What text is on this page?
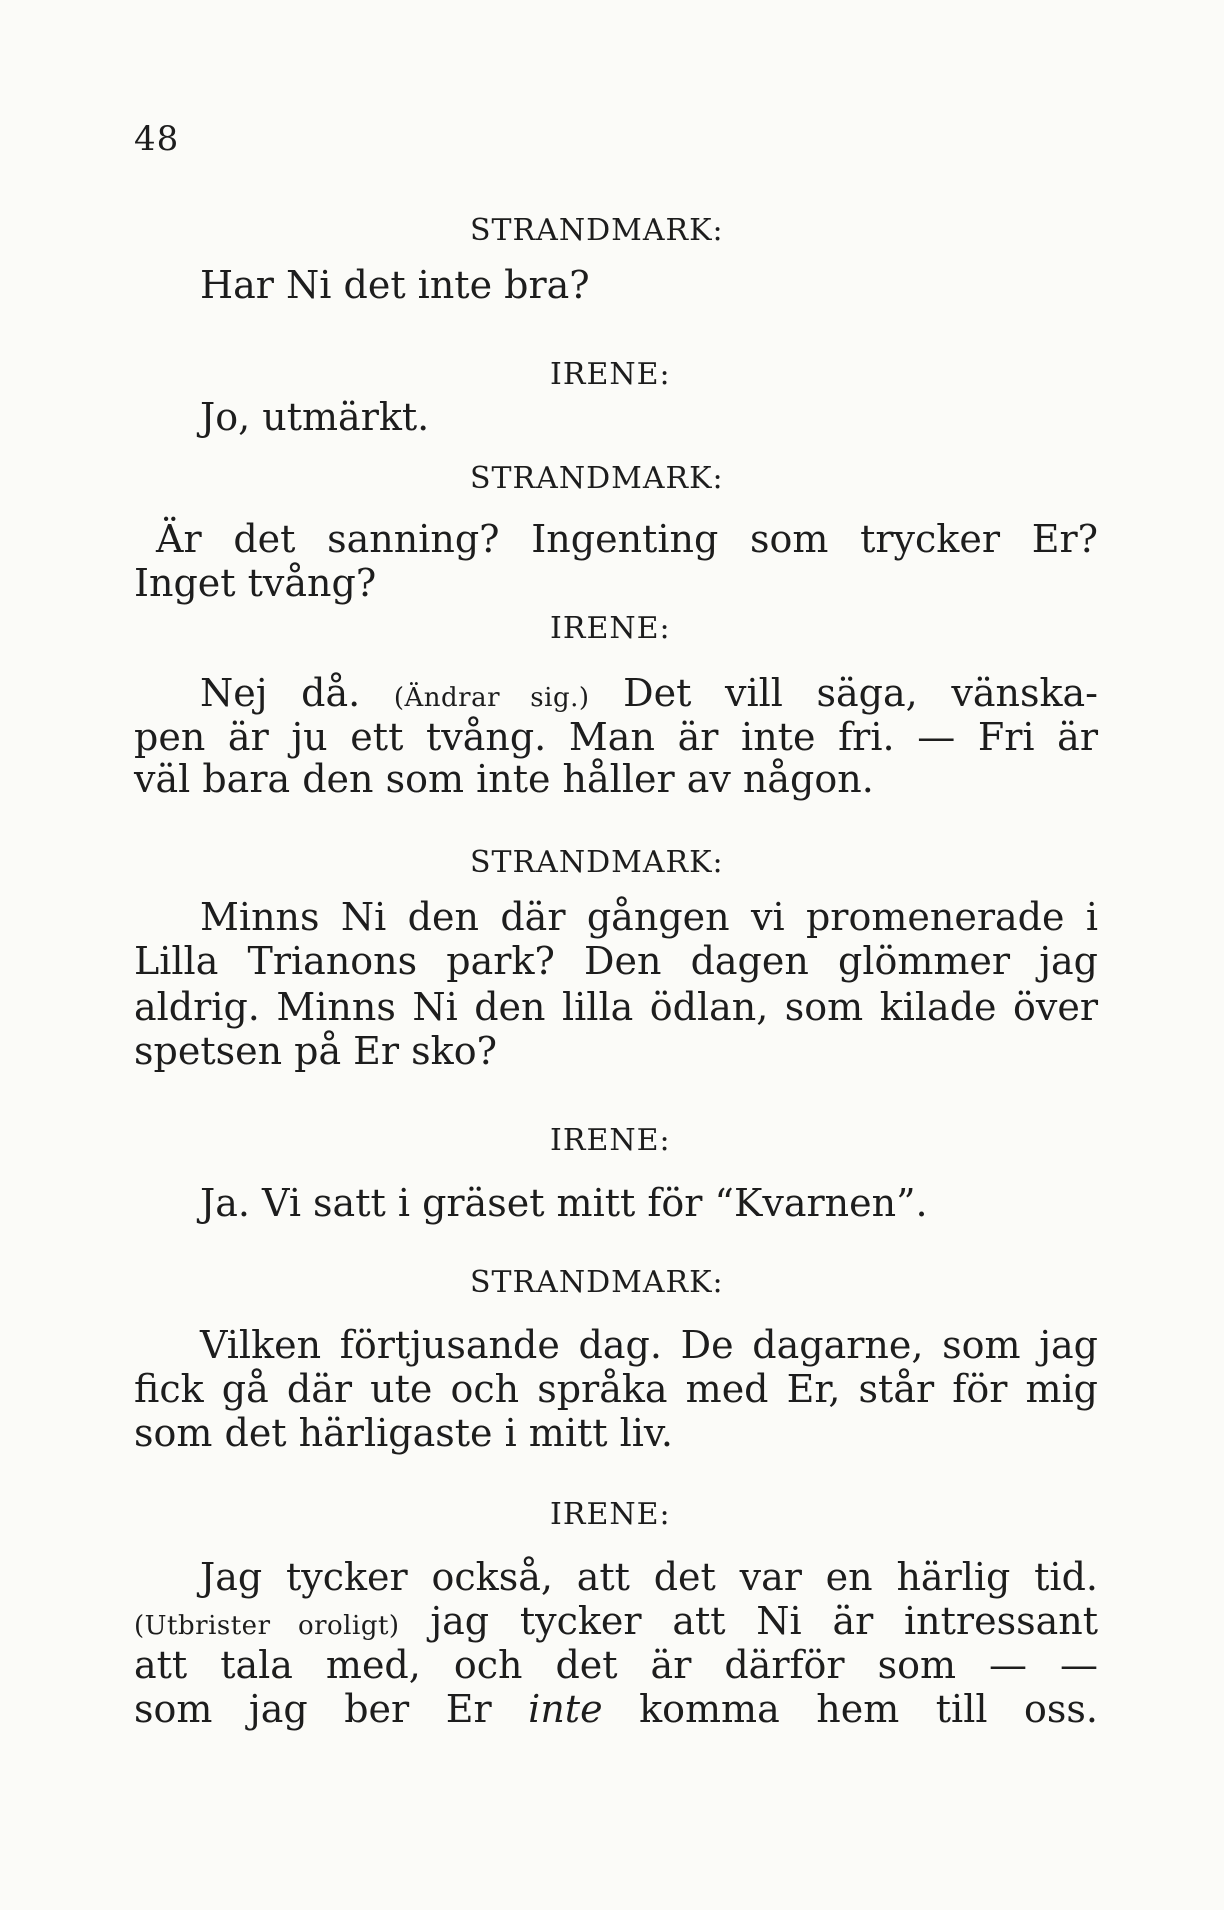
48
STRANDMARK:
Har Ni det inte bra?
IRENE:
Jo, utmärkt.
STRANDMARK:
Är det sanning? Ingenting som trycker Er?
Inget tvång?
IRENE:
Nej då. (Ändrar sig.) Det vill säga, vänska-
pen är ju ett tvång. Man är inte fri. — Fri är
väl bara den som inte håller av någon.
STRANDMARK:
Minns Ni den där gången vi promenerade i
Lilla Trianons park? Den dagen glömmer jag
aldrig. Minns Ni den lilla ödlan, som kilade över
spetsen på Er sko?
IRENE:
Ja. Vi satt i gräset mitt för “Kvarnen”.
STRANDMARK:
Vilken förtjusande dag. De dagarne, som jag
fick gå där ute och språka med Er, står för mig
som det härligaste i mitt liv.
IRENE:
Jag tycker också, att det var en härlig tid.
(Utbrister oroligt) jag tycker att Ni är intressant
att tala med, och det är därför som — —
som jag ber Er inte komma hem till oss.
